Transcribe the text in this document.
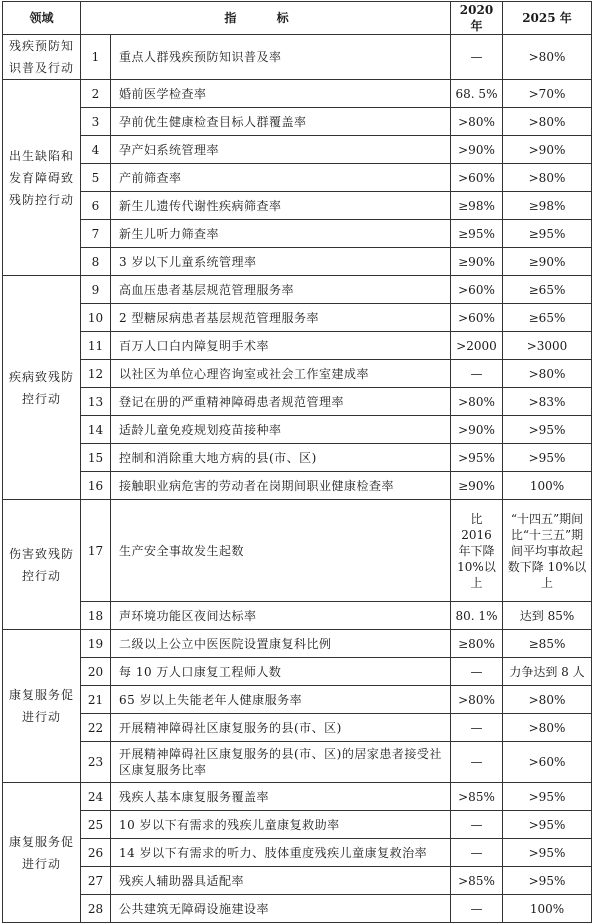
领域	指 标		2020 年	2025 年
残疾预防知识普及行动	1	重点人群残疾预防知识普及率	—	>80%
出生缺陷和发育障碍致残防控行动	2	婚前医学检查率	68. 5%	>70%
	3	孕前优生健康检查目标人群覆盖率	>80%	>80%
	4	孕产妇系统管理率	>90%	>90%
	5	产前筛查率	>60%	>80%
	6	新生儿遗传代谢性疾病筛查率	≥98%	≥98%
	7	新生儿听力筛查率	≥95%	≥95%
	8	3 岁以下儿童系统管理率	≥90%	≥90%
疾病致残防控行动	9	高血压患者基层规范管理服务率	>60%	≥65%
	10	2 型糖尿病患者基层规范管理服务率	>60%	≥65%
	11	百万人口白内障复明手术率	>2000	>3000
	12	以社区为单位心理咨询室或社会工作室建成率	—	>80%
	13	登记在册的严重精神障碍患者规范管理率	>80%	>83%
	14	适龄儿童免疫规划疫苗接种率	>90%	>95%
	15	控制和消除重大地方病的县(市、区)	>95%	>95%
	16	接触职业病危害的劳动者在岗期间职业健康检查率	≥90%	100%
伤害致残防控行动	17	生产安全事故发生起数	比 2016 年下降 10%以上	“十四五”期间比“十三五”期间平均事故起数下降 10%以上
	18	声环境功能区夜间达标率	80. 1%	达到 85%
康复服务促进行动	19	二级以上公立中医医院设置康复科比例	≥80%	≥85%
	20	每 10 万人口康复工程师人数	—	力争达到 8 人
	21	65 岁以上失能老年人健康服务率	>80%	>80%
	22	开展精神障碍社区康复服务的县(市、区)	—	>80%
	23	开展精神障碍社区康复服务的县(市、区)的居家患者接受社区康复服务比率	—	>60%
康复服务促进行动	24	残疾人基本康复服务覆盖率	>85%	>95%
	25	10 岁以下有需求的残疾儿童康复救助率	—	>95%
	26	14 岁以下有需求的听力、肢体重度残疾儿童康复救治率	—	>95%
	27	残疾人辅助器具适配率	>85%	>95%
	28	公共建筑无障碍设施建设率	—	100%
